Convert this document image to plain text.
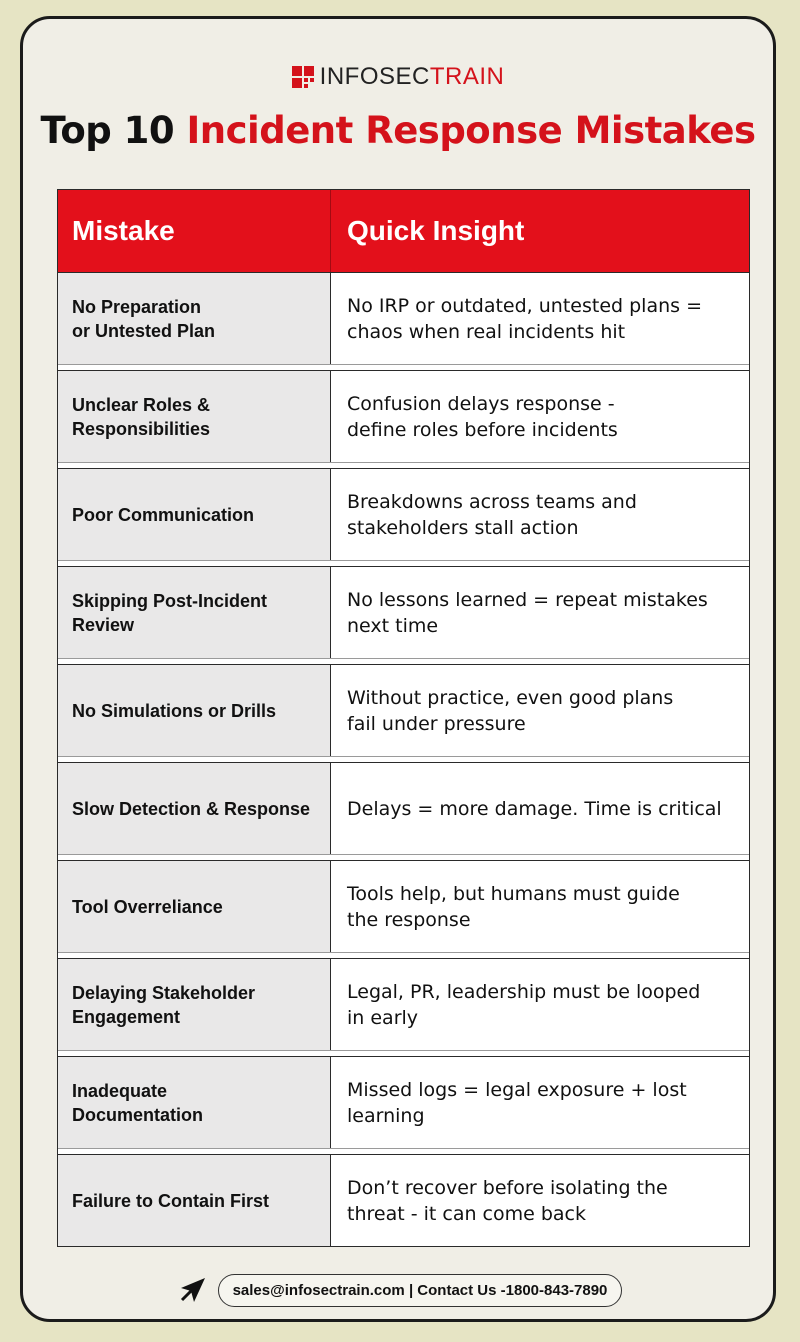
INFOSECTRAIN
Top 10 Incident Response Mistakes
Mistake	Quick Insight
No Preparation
or Untested Plan
No IRP or outdated, untested plans =
chaos when real incidents hit
Unclear Roles &
Responsibilities
Confusion delays response -
define roles before incidents
Poor Communication
Breakdowns across teams and
stakeholders stall action
Skipping Post-Incident
Review
No lessons learned = repeat mistakes
next time
No Simulations or Drills
Without practice, even good plans
fail under pressure
Slow Detection & Response Delays = more damage. Time is critical
Tool Overreliance
Tools help, but humans must guide
the response
Delaying Stakeholder
Engagement
Legal, PR, leadership must be looped
in early
Inadequate
Documentation
Missed logs = legal exposure + lost
learning
Failure to Contain First
Don’t recover before isolating the
threat - it can come back
sales@infosectrain.com | Contact Us -1800-843-7890
